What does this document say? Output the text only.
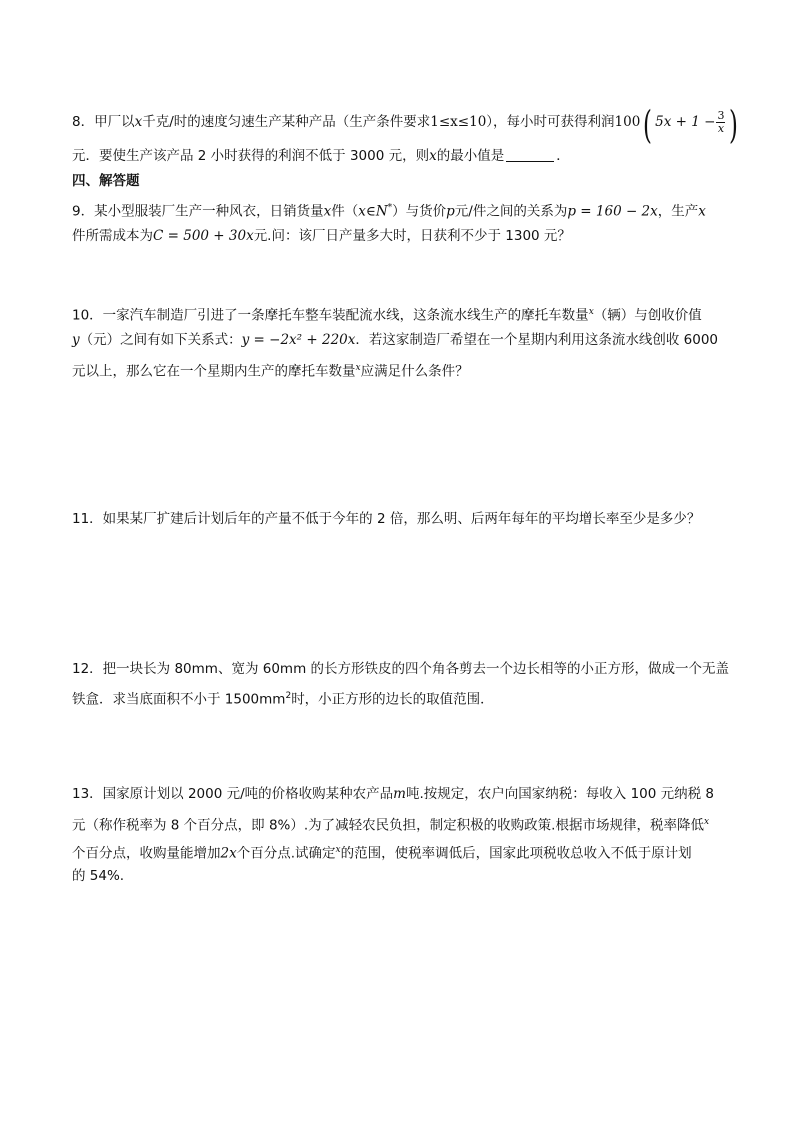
8．甲厂以x千克/时的速度匀速生产某种产品（生产条件要求1≤x≤10），每小时可获得利润100( $5x + 1 - \frac{3}{x}$ )
元．要使生产该产品 2 小时获得的利润不低于 3000 元，则x的最小值是	．
四、解答题
9．某小型服装厂生产一种风衣，日销货量x件（x∈N*）与货价p元/件之间的关系为p = 160 − 2x，生产x
件所需成本为C = 500 + 30x元.问：该厂日产量多大时，日获利不少于 1300 元？
10．一家汽车制造厂引进了一条摩托车整车装配流水线，这条流水线生产的摩托车数量$^x$（辆）与创收价值
y（元）之间有如下关系式：y = −2x² + 220x．若这家制造厂希望在一个星期内利用这条流水线创收 6000
元以上，那么它在一个星期内生产的摩托车数量$^x$应满足什么条件？
11．如果某厂扩建后计划后年的产量不低于今年的 2 倍，那么明、后两年每年的平均增长率至少是多少？
12．把一块长为 80mm、宽为 60mm 的长方形铁皮的四个角各剪去一个边长相等的小正方形，做成一个无盖
铁盒．求当底面积不小于 $1500mm^2$时，小正方形的边长的取值范围．
13．国家原计划以 2000 元/吨的价格收购某种农产品m吨.按规定，农户向国家纳税：每收入 100 元纳税 8
元（称作税率为 8 个百分点，即 8%）.为了减轻农民负担，制定积极的收购政策.根据市场规律，税率降低$^x$
个百分点，收购量能增加2x个百分点.试确定$^x$的范围，使税率调低后，国家此项税收总收入不低于原计划
的 54%.
